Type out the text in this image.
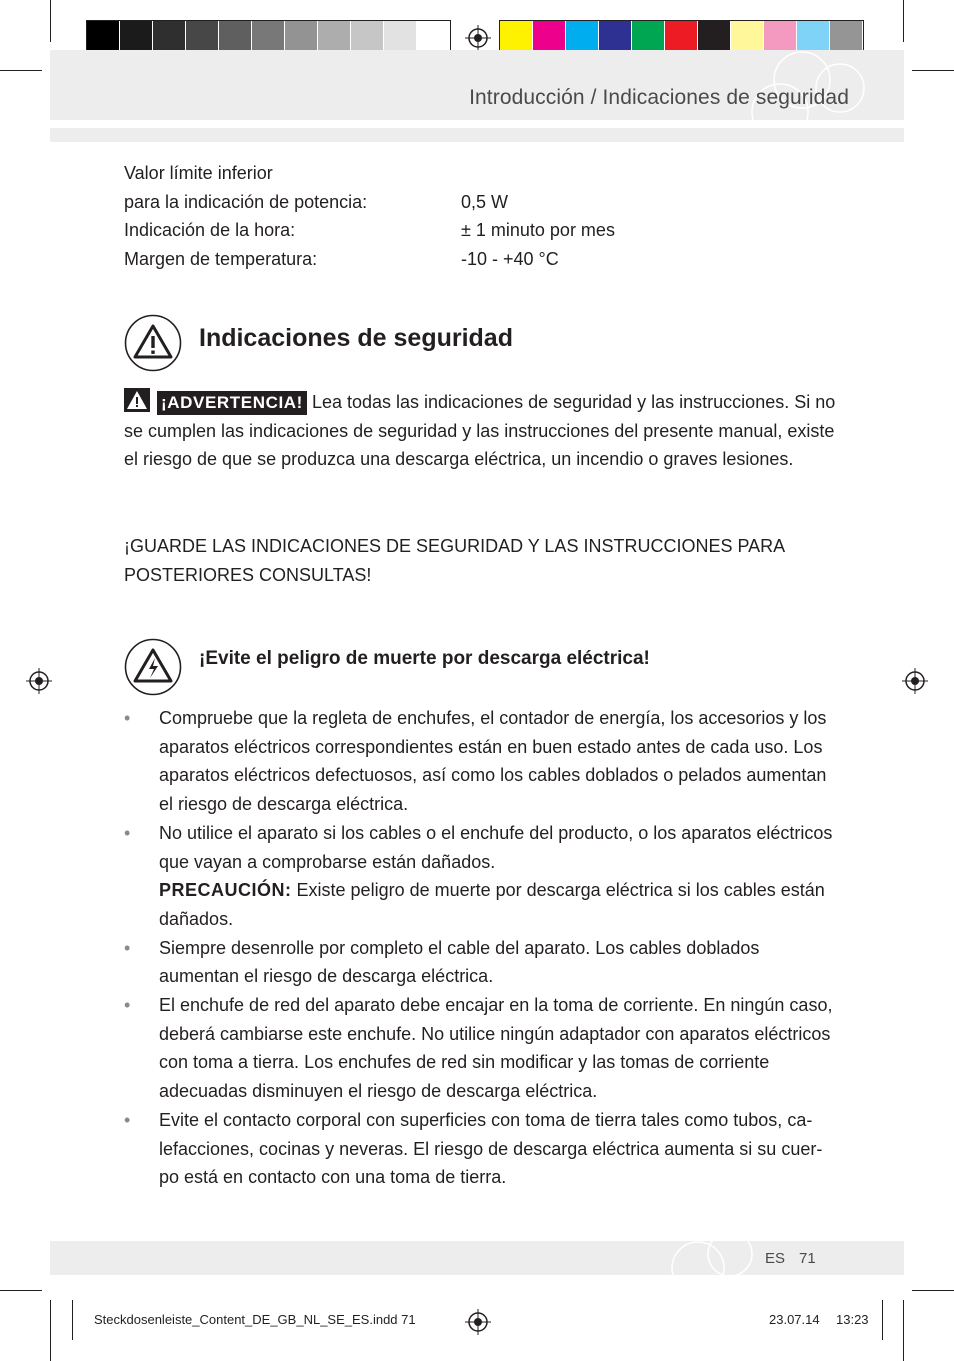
Introducción / Indicaciones de seguridad
Valor límite inferior
para la indicación de potencia:	0,5 W
Indicación de la hora:	± 1 minuto por mes
Margen de temperatura:	-10 - +40 °C
Indicaciones de seguridad
¡ADVERTENCIA! Lea todas las indicaciones de seguridad y las instrucciones. Si no se cumplen las indicaciones de seguridad y las instrucciones del presente manual, existe el riesgo de que se produzca una descarga eléctrica, un incendio o graves lesiones.
¡GUARDE LAS INDICACIONES DE SEGURIDAD Y LAS INSTRUCCIONES PARA POSTERIORES CONSULTAS!
¡Evite el peligro de muerte por descarga eléctrica!
• Compruebe que la regleta de enchufes, el contador de energía, los accesorios y los aparatos eléctricos correspondientes están en buen estado antes de cada uso. Los aparatos eléctricos defectuosos, así como los cables doblados o pelados aumentan el riesgo de descarga eléctrica.
• No utilice el aparato si los cables o el enchufe del producto, o los aparatos eléctricos que vayan a comprobarse están dañados.
PRECAUCIÓN: Existe peligro de muerte por descarga eléctrica si los cables están dañados.
• Siempre desenrolle por completo el cable del aparato. Los cables doblados aumentan el riesgo de descarga eléctrica.
• El enchufe de red del aparato debe encajar en la toma de corriente. En ningún caso, deberá cambiarse este enchufe. No utilice ningún adaptador con aparatos eléctricos con toma a tierra. Los enchufes de red sin modificar y las tomas de corriente adecuadas disminuyen el riesgo de descarga eléctrica.
• Evite el contacto corporal con superficies con toma de tierra tales como tubos, calefacciones, cocinas y neveras. El riesgo de descarga eléctrica aumenta si su cuerpo está en contacto con una toma de tierra.
ES 71
Steckdosenleiste_Content_DE_GB_NL_SE_ES.indd 71	23.07.14 13:23
